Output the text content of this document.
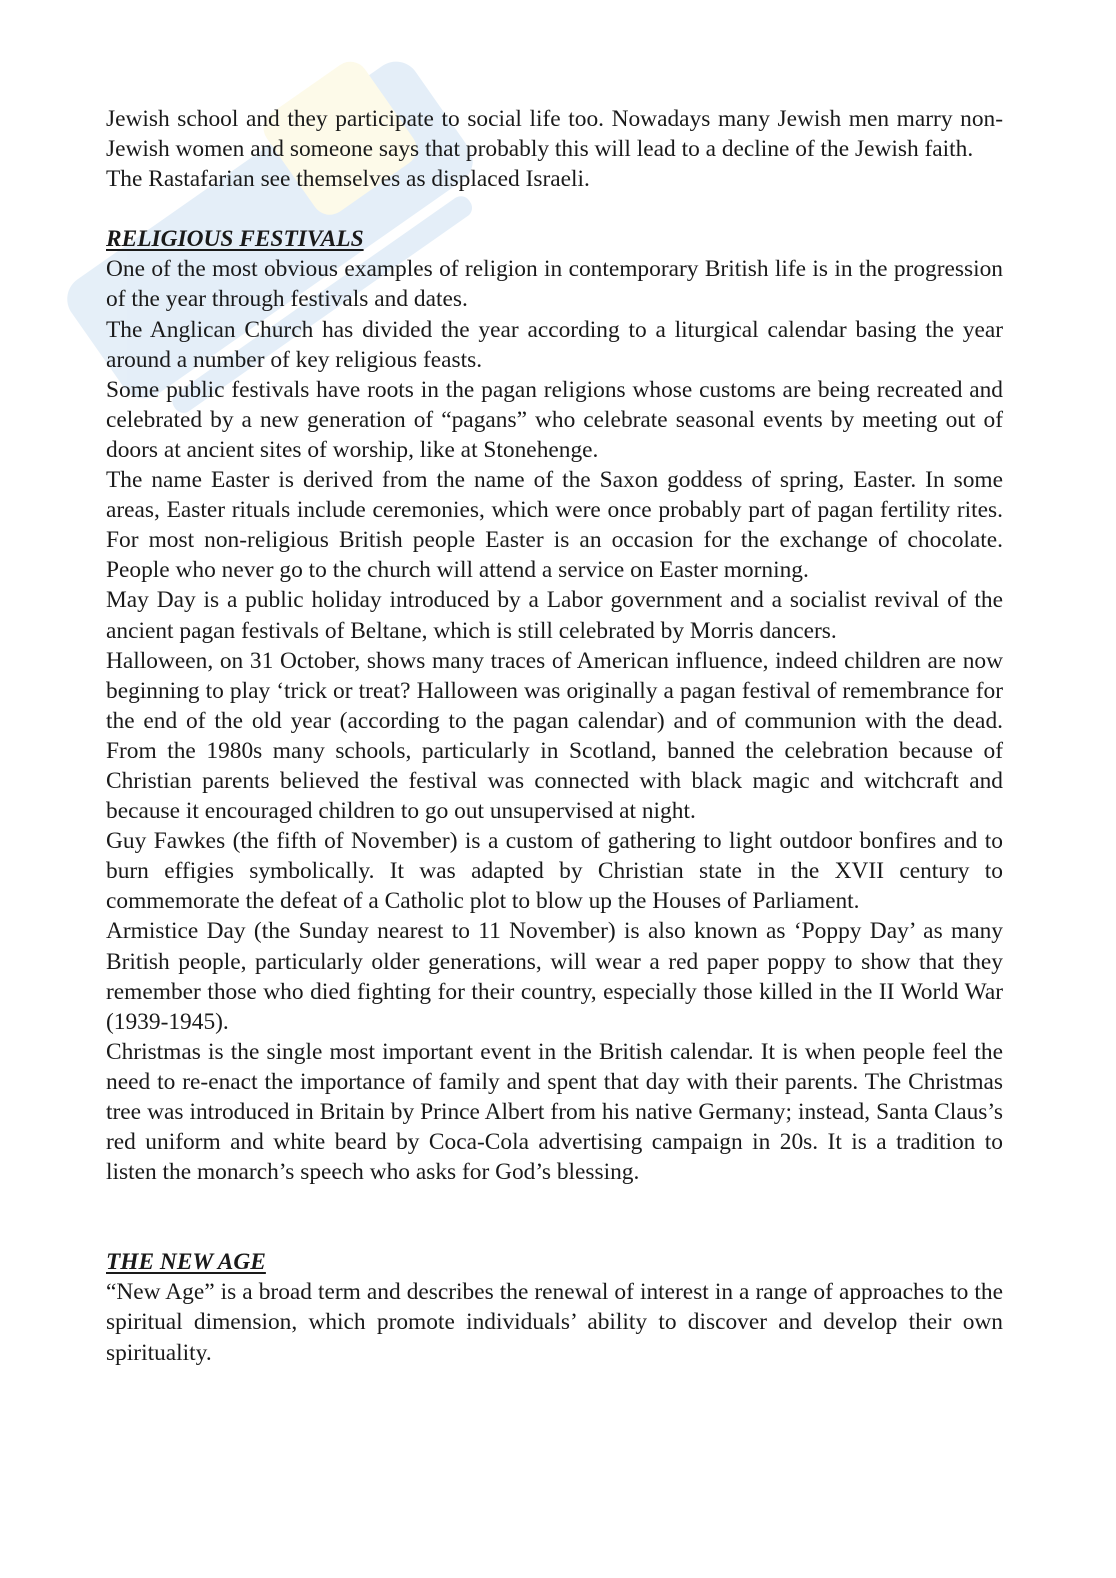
Jewish school and they participate to social life too. Nowadays many Jewish men marry non-Jewish women and someone says that probably this will lead to a decline of the Jewish faith.

The Rastafarian see themselves as displaced Israeli.

RELIGIOUS FESTIVALS

One of the most obvious examples of religion in contemporary British life is in the progression of the year through festivals and dates.

The Anglican Church has divided the year according to a liturgical calendar basing the year around a number of key religious feasts.

Some public festivals have roots in the pagan religions whose customs are being recreated and celebrated by a new generation of “pagans” who celebrate seasonal events by meeting out of doors at ancient sites of worship, like at Stonehenge.

The name Easter is derived from the name of the Saxon goddess of spring, Easter. In some areas, Easter rituals include ceremonies, which were once probably part of pagan fertility rites. For most non-religious British people Easter is an occasion for the exchange of chocolate. People who never go to the church will attend a service on Easter morning.

May Day is a public holiday introduced by a Labor government and a socialist revival of the ancient pagan festivals of Beltane, which is still celebrated by Morris dancers.

Halloween, on 31 October, shows many traces of American influence, indeed children are now beginning to play ‘trick or treat? Halloween was originally a pagan festival of remembrance for the end of the old year (according to the pagan calendar) and of communion with the dead. From the 1980s many schools, particularly in Scotland, banned the celebration because of Christian parents believed the festival was connected with black magic and witchcraft and because it encouraged children to go out unsupervised at night.

Guy Fawkes (the fifth of November) is a custom of gathering to light outdoor bonfires and to burn effigies symbolically. It was adapted by Christian state in the XVII century to commemorate the defeat of a Catholic plot to blow up the Houses of Parliament.

Armistice Day (the Sunday nearest to 11 November) is also known as ‘Poppy Day’ as many British people, particularly older generations, will wear a red paper poppy to show that they remember those who died fighting for their country, especially those killed in the II World War (1939-1945).

Christmas is the single most important event in the British calendar. It is when people feel the need to re-enact the importance of family and spent that day with their parents. The Christmas tree was introduced in Britain by Prince Albert from his native Germany; instead, Santa Claus’s red uniform and white beard by Coca-Cola advertising campaign in 20s. It is a tradition to listen the monarch’s speech who asks for God’s blessing.

THE NEW AGE

“New Age” is a broad term and describes the renewal of interest in a range of approaches to the spiritual dimension, which promote individuals’ ability to discover and develop their own spirituality.
